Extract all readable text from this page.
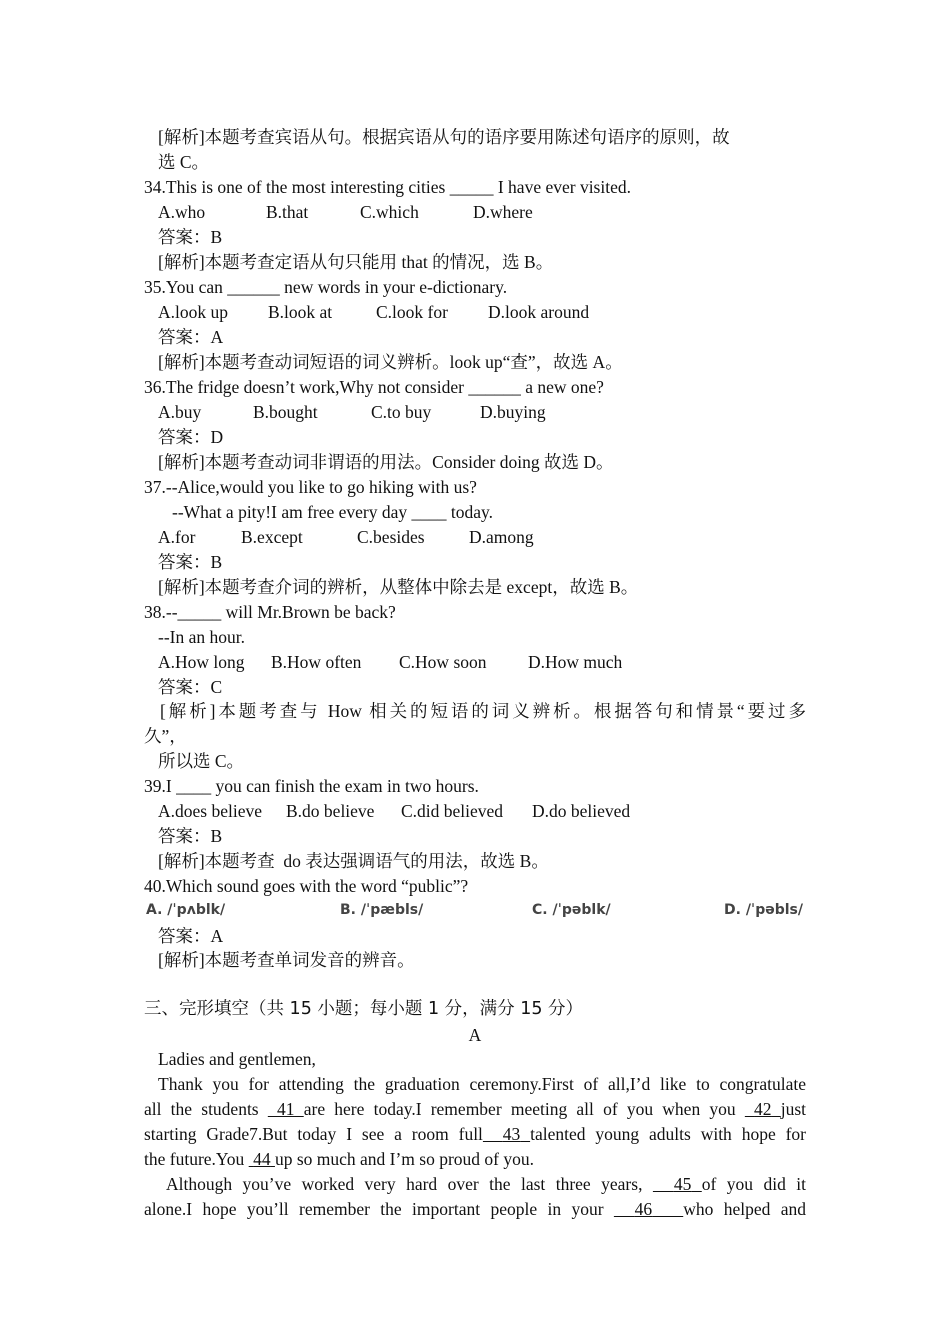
[解析]本题考查宾语从句。根据宾语从句的语序要用陈述句语序的原则，故
选 C。
34.This is one of the most interesting cities _____ I have ever visited.
A.who	B.that	C.which	D.where
答案：B
[解析]本题考查定语从句只能用 that 的情况，选 B。
35.You can ______ new words in your e-dictionary.
A.look up B.look at	C.look for D.look around
答案：A
[解析]本题考查动词短语的词义辨析。look up“查”，故选 A。
36.The fridge doesn’t work,Why not consider ______ a new one?
A.buy	B.bought	C.to buy	D.buying
答案：D
[解析]本题考查动词非谓语的用法。Consider doing 故选 D。
37.--Alice,would you like to go hiking with us?
--What a pity!I am free every day ____ today.
A.for	B.except	C.besides	D.among
答案：B
[解析]本题考查介词的辨析，从整体中除去是 except，故选 B。
38.--_____ will Mr.Brown be back?
--In an hour.
A.How long B.How often C.How soon D.How much
答案：C
[解析]本题考查与 How 相关的短语的词义辨析。根据答句和情景“要过多
久”，
所以选 C。
39.I ____ you can finish the exam in two hours.
A.does believe B.do believe C.did believed D.do believed
答案：B
[解析]本题考查  do 表达强调语气的用法，故选 B。
40.Which sound goes with the word “public”?
A. /ˈpʌblk/	B. /ˈpæbls/	C. /ˈpəblk/	D. /ˈpəbls/
答案：A
[解析]本题考查单词发音的辨音。
三、完形填空（共 15 小题；每小题 1 分，满分 15 分）
A
Ladies and gentlemen,
Thank you for attending the graduation ceremony.First of all,I’d like to congratulate
all the students  41 are here today.I remember meeting all of you when you  42 just
starting Grade7.But today I see a room full 43 talented young adults with hope for
the future.You  44 up so much and I’m so proud of you.
Although you’ve worked very hard over the last three years,   45 of you did it
alone.I hope you’ll remember the important people in your   46 who helped and
